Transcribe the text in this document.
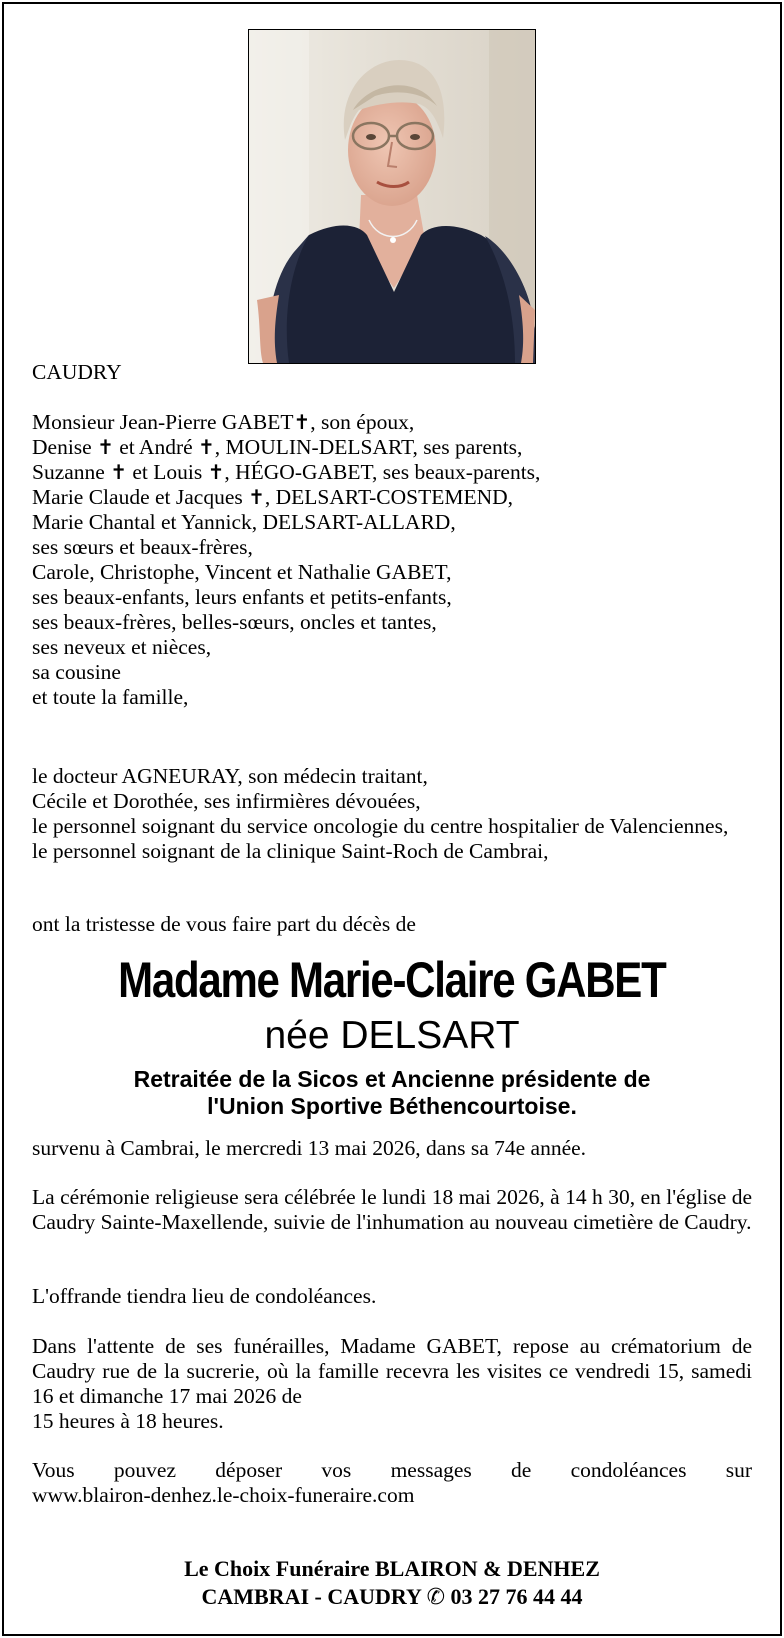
CAUDRY
Monsieur Jean-Pierre GABET✝, son époux,
Denise ✝ et André ✝, MOULIN-DELSART, ses parents,
Suzanne ✝ et Louis ✝, HÉGO-GABET, ses beaux-parents,
Marie Claude et Jacques ✝, DELSART-COSTEMEND,
Marie Chantal et Yannick, DELSART-ALLARD,
ses sœurs et beaux-frères,
Carole, Christophe, Vincent et Nathalie GABET,
ses beaux-enfants, leurs enfants et petits-enfants,
ses beaux-frères, belles-sœurs, oncles et tantes,
ses neveux et nièces,
sa cousine
et toute la famille,
le docteur AGNEURAY, son médecin traitant,
Cécile et Dorothée, ses infirmières dévouées,
le personnel soignant du service oncologie du centre hospitalier de Valenciennes,
le personnel soignant de la clinique Saint-Roch de Cambrai,
ont la tristesse de vous faire part du décès de
Madame Marie-Claire GABET
née DELSART
Retraitée de la Sicos et Ancienne présidente de
l'Union Sportive Béthencourtoise.
survenu à Cambrai, le mercredi 13 mai 2026, dans sa 74e année.
La cérémonie religieuse sera célébrée le lundi 18 mai 2026, à 14 h 30, en l'église de Caudry Sainte-Maxellende, suivie de l'inhumation au nouveau cimetière de Caudry.
L'offrande tiendra lieu de condoléances.
Dans l'attente de ses funérailles, Madame GABET, repose au crématorium de Caudry rue de la sucrerie, où la famille recevra les visites ce vendredi 15, samedi 16 et dimanche 17 mai 2026 de
15 heures à 18 heures.
Vous pouvez déposer vos messages de condoléances sur
www.blairon-denhez.le-choix-funeraire.com
Le Choix Funéraire BLAIRON & DENHEZ
CAMBRAI - CAUDRY ✆ 03 27 76 44 44
